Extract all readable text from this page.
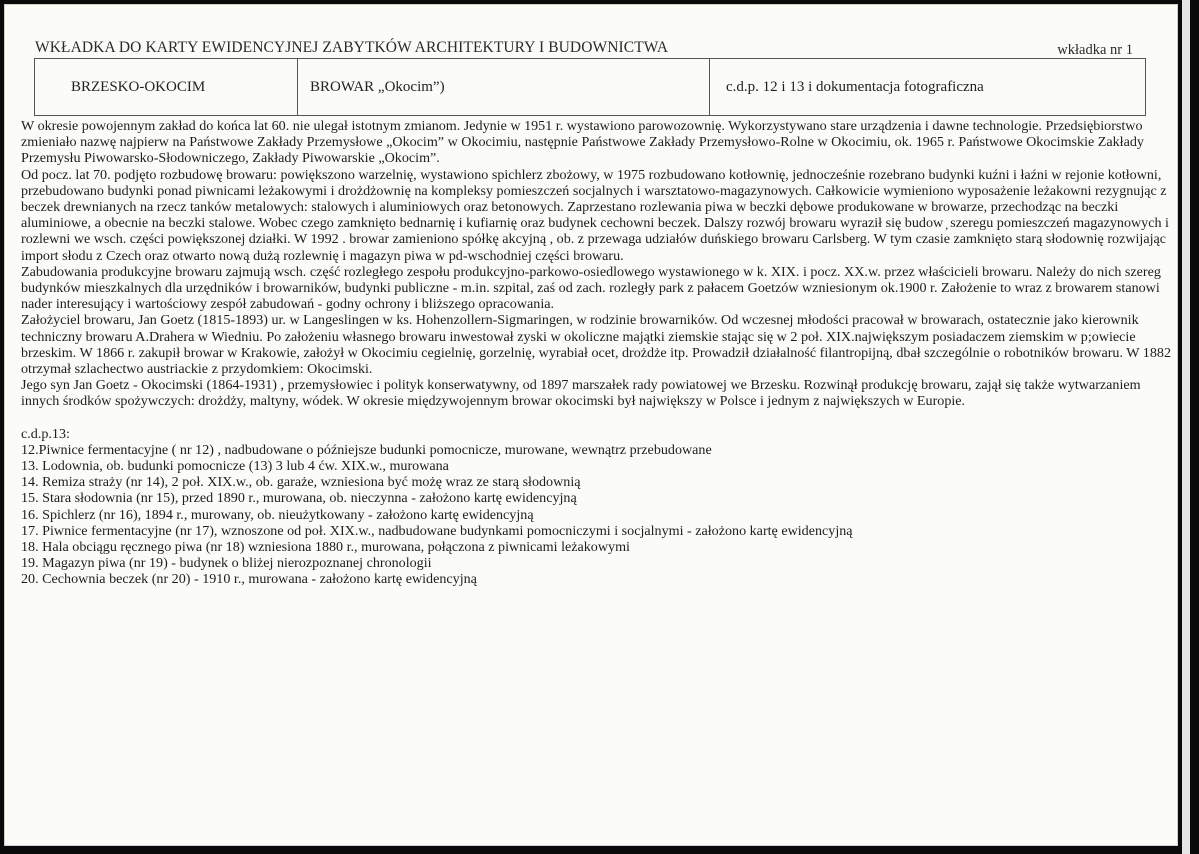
WKŁADKA DO KARTY EWIDENCYJNEJ ZABYTKÓW ARCHITEKTURY I BUDOWNICTWA	wkładka nr 1
BRZESKO-OKOCIM	BROWAR „Okocim”)	c.d.p. 12 i 13 i dokumentacja fotograficzna

W okresie powojennym zakład do końca lat 60. nie ulegał istotnym zmianom. Jedynie w 1951 r. wystawiono parowozownię. Wykorzystywano stare urządzenia i dawne technologie. Przedsiębiorstwo zmieniało nazwę najpierw na Państwowe Zakłady Przemysłowe „Okocim” w Okocimiu, następnie Państwowe Zakłady Przemysłowo-Rolne w Okocimiu, ok. 1965 r. Państwowe Okocimskie Zakłady Przemysłu Piwowarsko-Słodowniczego, Zakłady Piwowarskie „Okocim”.

Od pocz. lat 70. podjęto rozbudowę browaru: powiększono warzelnię, wystawiono spichlerz zbożowy, w 1975 rozbudowano kotłownię, jednocześnie rozebrano budynki kuźni i łaźni w rejonie kotłowni, przebudowano budynki ponad piwnicami leżakowymi i drożdżownię na kompleksy pomieszczeń socjalnych i warsztatowo-magazynowych. Całkowicie wymieniono wyposażenie leżakowni rezygnując z beczek drewnianych na rzecz tanków metalowych: stalowych i aluminiowych oraz betonowych. Zaprzestano rozlewania piwa w beczki dębowe produkowane w browarze, przechodząc na beczki aluminiowe, a obecnie na beczki stalowe. Wobec czego zamknięto bednarnię i kufiarnię oraz budynek cechowni beczek. Dalszy rozwój browaru wyraził się budow ̦ szeregu pomieszczeń magazynowych i rozlewni we wsch. części powiększonej działki. W 1992 . browar zamieniono spółkę akcyjną , ob. z przewaga udziałów duńskiego browaru Carlsberg. W tym czasie zamknięto starą słodownię rozwijając import słodu z Czech oraz otwarto nową dużą rozlewnię i magazyn piwa w pd-wschodniej części browaru.

Zabudowania produkcyjne browaru zajmują wsch. część rozległego zespołu produkcyjno-parkowo-osiedlowego wystawionego w k. XIX. i pocz. XX.w. przez właścicieli browaru. Należy do nich szereg budynków mieszkalnych dla urzędników i browarników, budynki publiczne - m.in. szpital, zaś od zach. rozległy park z pałacem Goetzów wzniesionym ok.1900 r. Założenie to wraz z browarem stanowi nader interesujący i wartościowy zespół zabudowań - godny ochrony i bliższego opracowania.

Założyciel browaru, Jan Goetz (1815-1893) ur. w Langeslingen w ks. Hohenzollern-Sigmaringen, w rodzinie browarników. Od wczesnej młodości pracował w browarach, ostatecznie jako kierownik techniczny browaru A.Drahera w Wiedniu. Po założeniu własnego browaru inwestował zyski w okoliczne majątki ziemskie stając się w 2 poł. XIX.największym posiadaczem ziemskim w p;owiecie brzeskim. W 1866 r. zakupił browar w Krakowie, założył w Okocimiu cegielnię, gorzelnię, wyrabiał ocet, drożdże itp. Prowadził działalność filantropijną, dbał szczególnie o robotników browaru. W 1882 otrzymał szlachectwo austriackie z przydomkiem: Okocimski.

Jego syn Jan Goetz - Okocimski (1864-1931) , przemysłowiec i polityk konserwatywny, od 1897 marszałek rady powiatowej we Brzesku. Rozwinął produkcję browaru, zajął się także wytwarzaniem innych środków spożywczych: drożdży, maltyny, wódek. W okresie międzywojennym browar okocimski był największy w Polsce i jednym z największych w Europie.

c.d.p.13:

12.Piwnice fermentacyjne ( nr 12) , nadbudowane o późniejsze budunki pomocnicze, murowane, wewnątrz przebudowane

13. Lodownia, ob. budunki pomocnicze (13) 3 lub 4 ćw. XIX.w., murowana

14. Remiza straży (nr 14), 2 poł. XIX.w., ob. garaże, wzniesiona być możę wraz ze starą słodownią

15. Stara słodownia (nr 15), przed 1890 r., murowana, ob. nieczynna - założono kartę ewidencyjną

16. Spichlerz (nr 16), 1894 r., murowany, ob. nieużytkowany - założono kartę ewidencyjną

17. Piwnice fermentacyjne (nr 17), wznoszone od poł. XIX.w., nadbudowane budynkami pomocniczymi i socjalnymi - założono kartę ewidencyjną

18. Hala obciągu ręcznego piwa (nr 18) wzniesiona 1880 r., murowana, połączona z piwnicami leżakowymi

19. Magazyn piwa (nr 19) - budynek o bliżej nierozpoznanej chronologii

20. Cechownia beczek (nr 20) - 1910 r., murowana - założono kartę ewidencyjną
